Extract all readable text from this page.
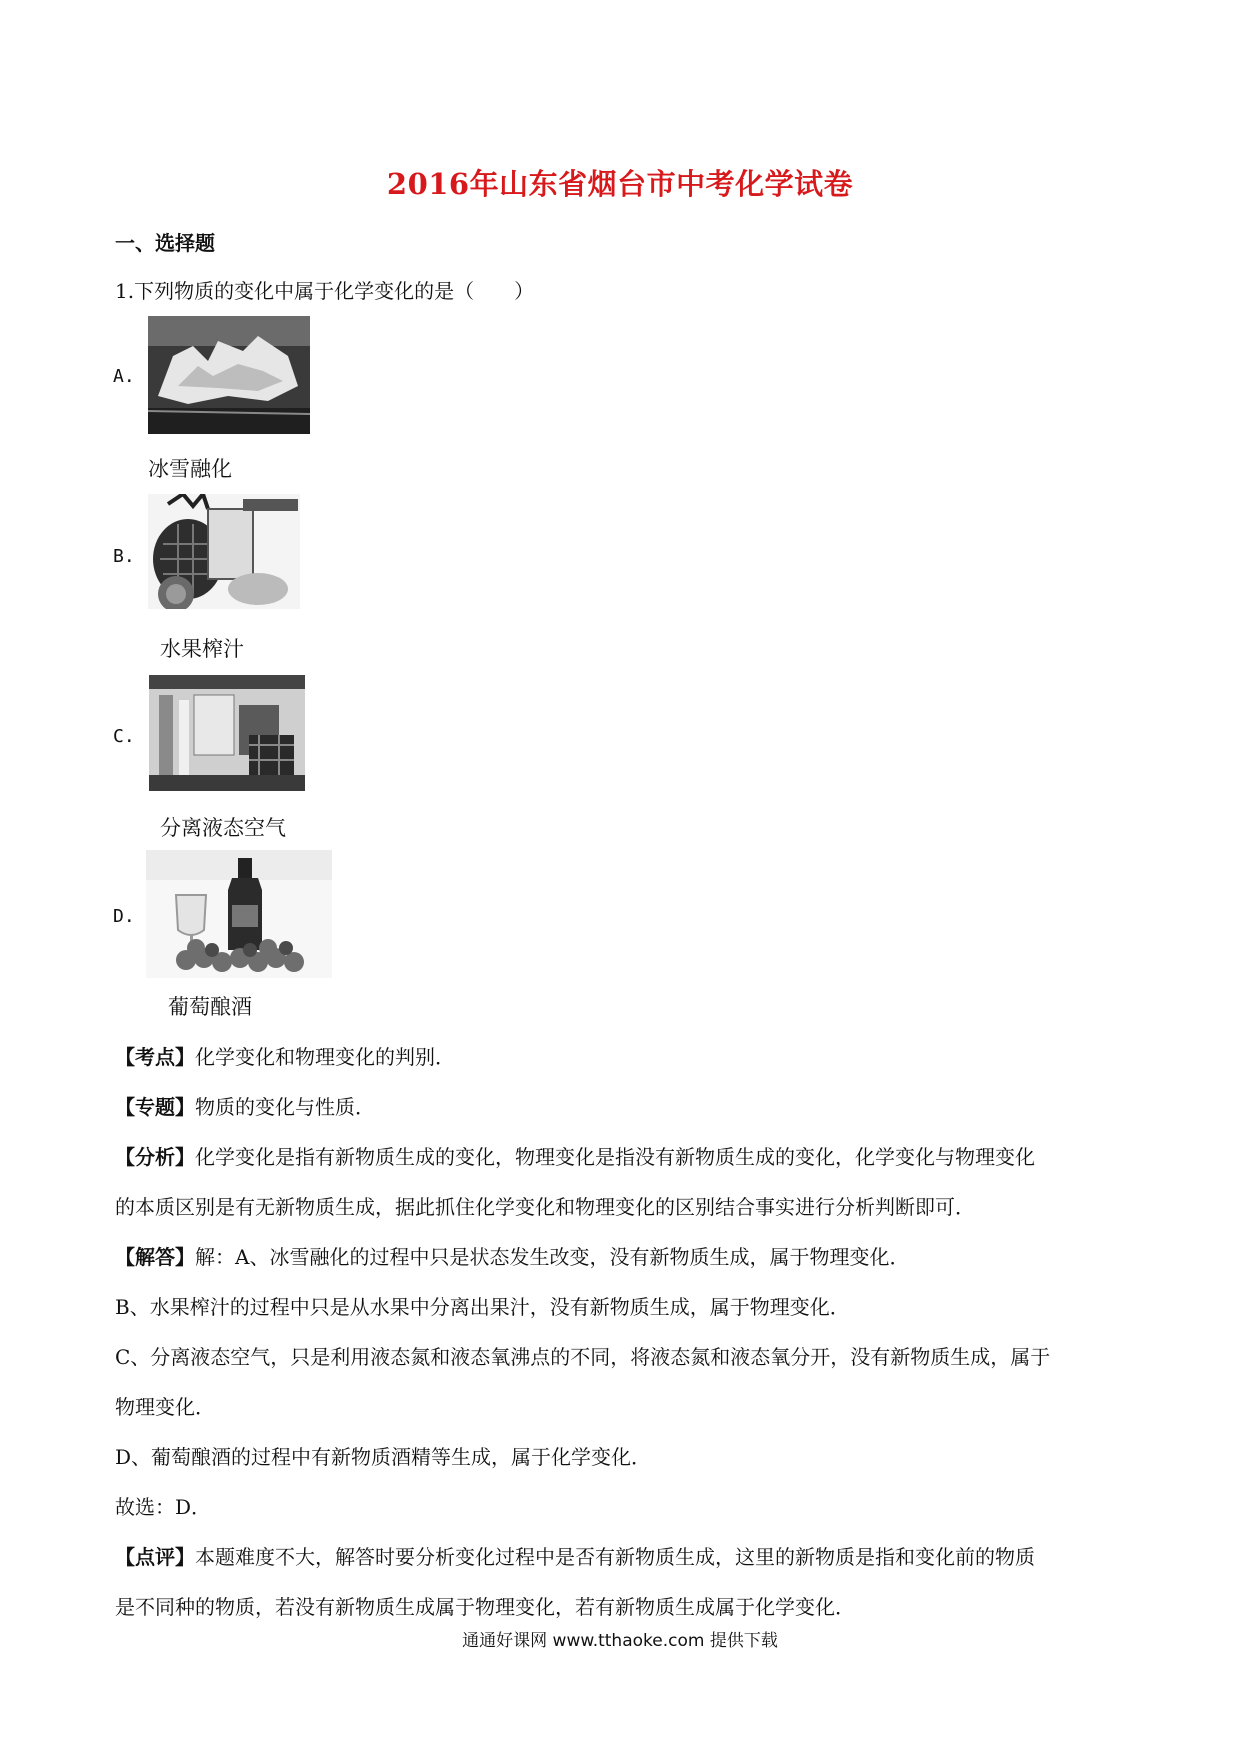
2016年山东省烟台市中考化学试卷
一、选择题
1.下列物质的变化中属于化学变化的是（　　）
A.
冰雪融化
B.
水果榨汁
C.
分离液态空气
D.
葡萄酿酒

【考点】化学变化和物理变化的判别．

【专题】物质的变化与性质．

【分析】化学变化是指有新物质生成的变化，物理变化是指没有新物质生成的变化，化学变化与物理变化

的本质区别是有无新物质生成，据此抓住化学变化和物理变化的区别结合事实进行分析判断即可．

【解答】解：A、冰雪融化的过程中只是状态发生改变，没有新物质生成，属于物理变化．

B、水果榨汁的过程中只是从水果中分离出果汁，没有新物质生成，属于物理变化．

C、分离液态空气，只是利用液态氮和液态氧沸点的不同，将液态氮和液态氧分开，没有新物质生成，属于

物理变化．

D、葡萄酿酒的过程中有新物质酒精等生成，属于化学变化．

故选：D．

【点评】本题难度不大，解答时要分析变化过程中是否有新物质生成，这里的新物质是指和变化前的物质

是不同种的物质，若没有新物质生成属于物理变化，若有新物质生成属于化学变化．

通通好课网 www.tthaoke.com 提供下载
